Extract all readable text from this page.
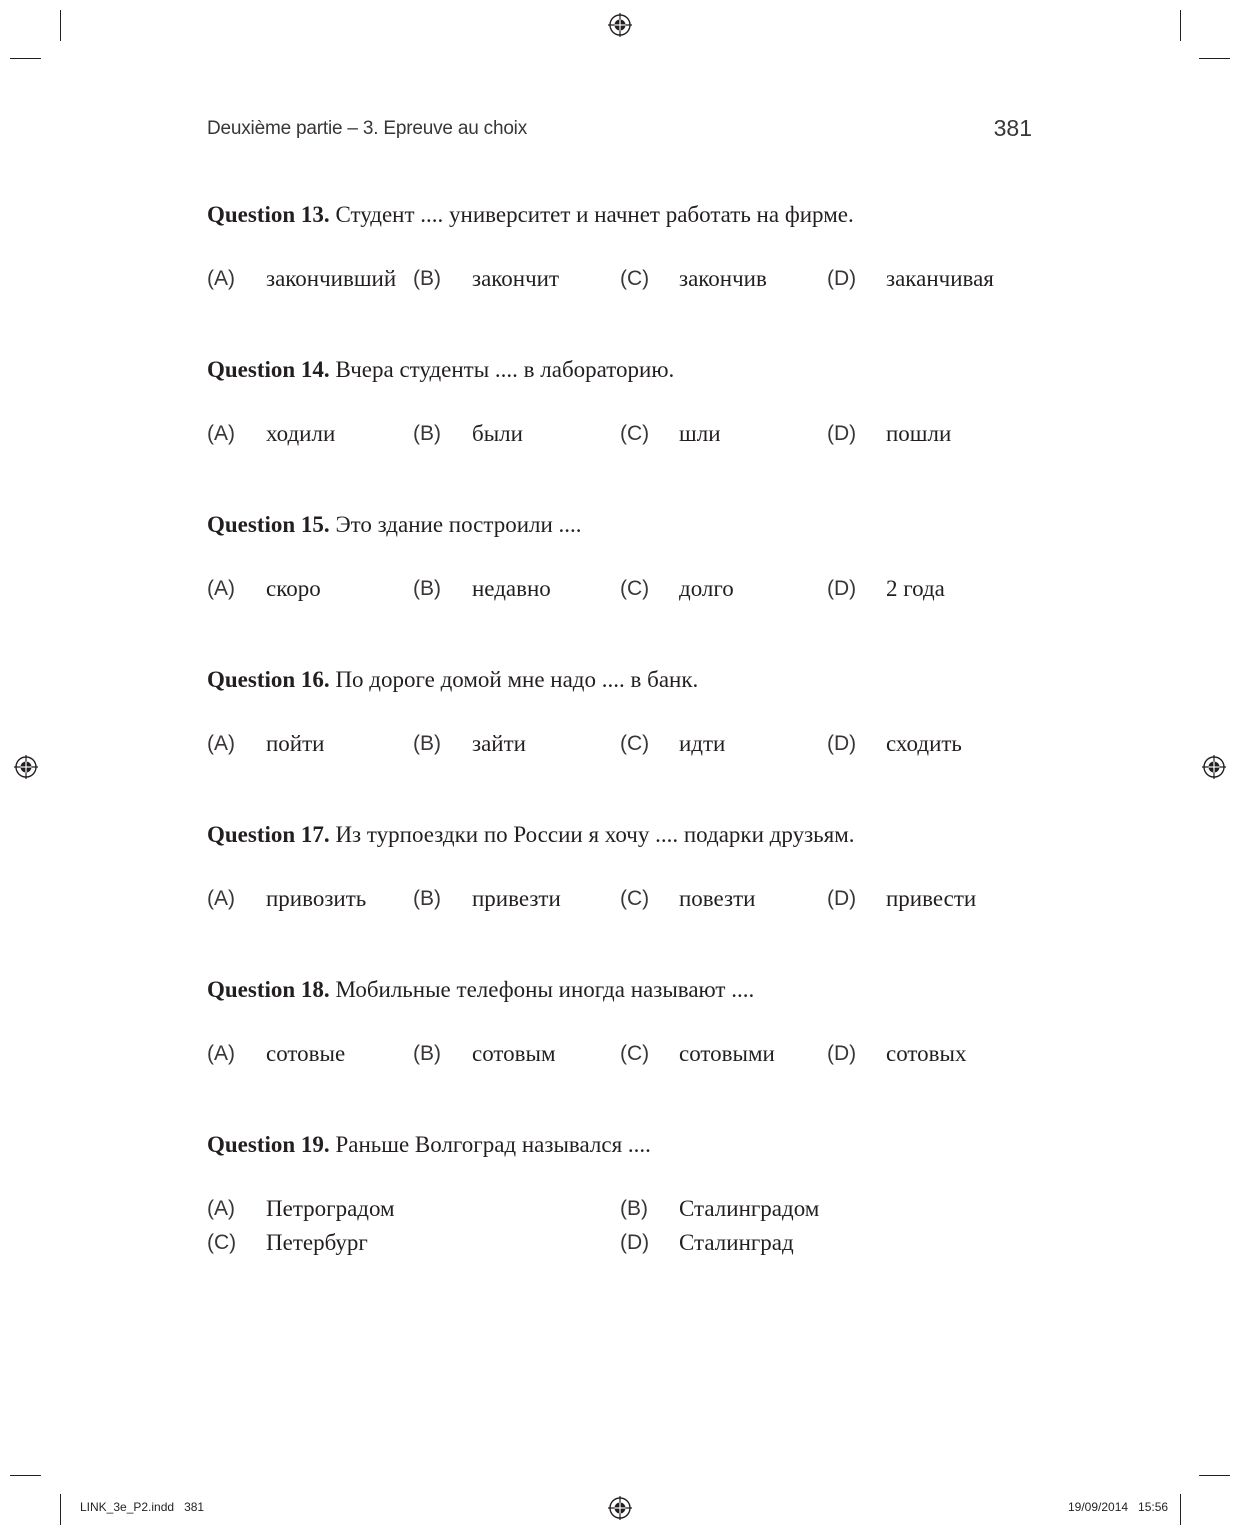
Deuxième partie – 3. Epreuve au choix	381
Question 13. Студент .... университет и начнет работать на фирме.
(A) закончивший (B) закончит	(C) закончив	(D) заканчивая
Question 14. Вчера студенты .... в лабораторию.
(A) ходили	(B) были	(C) шли	(D) пошли
Question 15. Это здание построили ....
(A) скоро	(B) недавно	(C) долго	(D) 2 года
Question 16. По дороге домой мне надо .... в банк.
(A) пойти	(B) зайти	(C) идти	(D) сходить
Question 17. Из турпоездки по России я хочу .... подарки друзьям.
(A) привозить (B) привезти	(C) повезти	(D) привести
Question 18. Мобильные телефоны иногда называют ....
(A) сотовые	(B) сотовым	(C) сотовыми (D) сотовых
Question 19. Раньше Волгоград назывался ....
(A) Петроградом	(B) Сталинградом
(C) Петербург	(D) Сталинград
LINK_3e_P2.indd   381	19/09/2014   15:56
